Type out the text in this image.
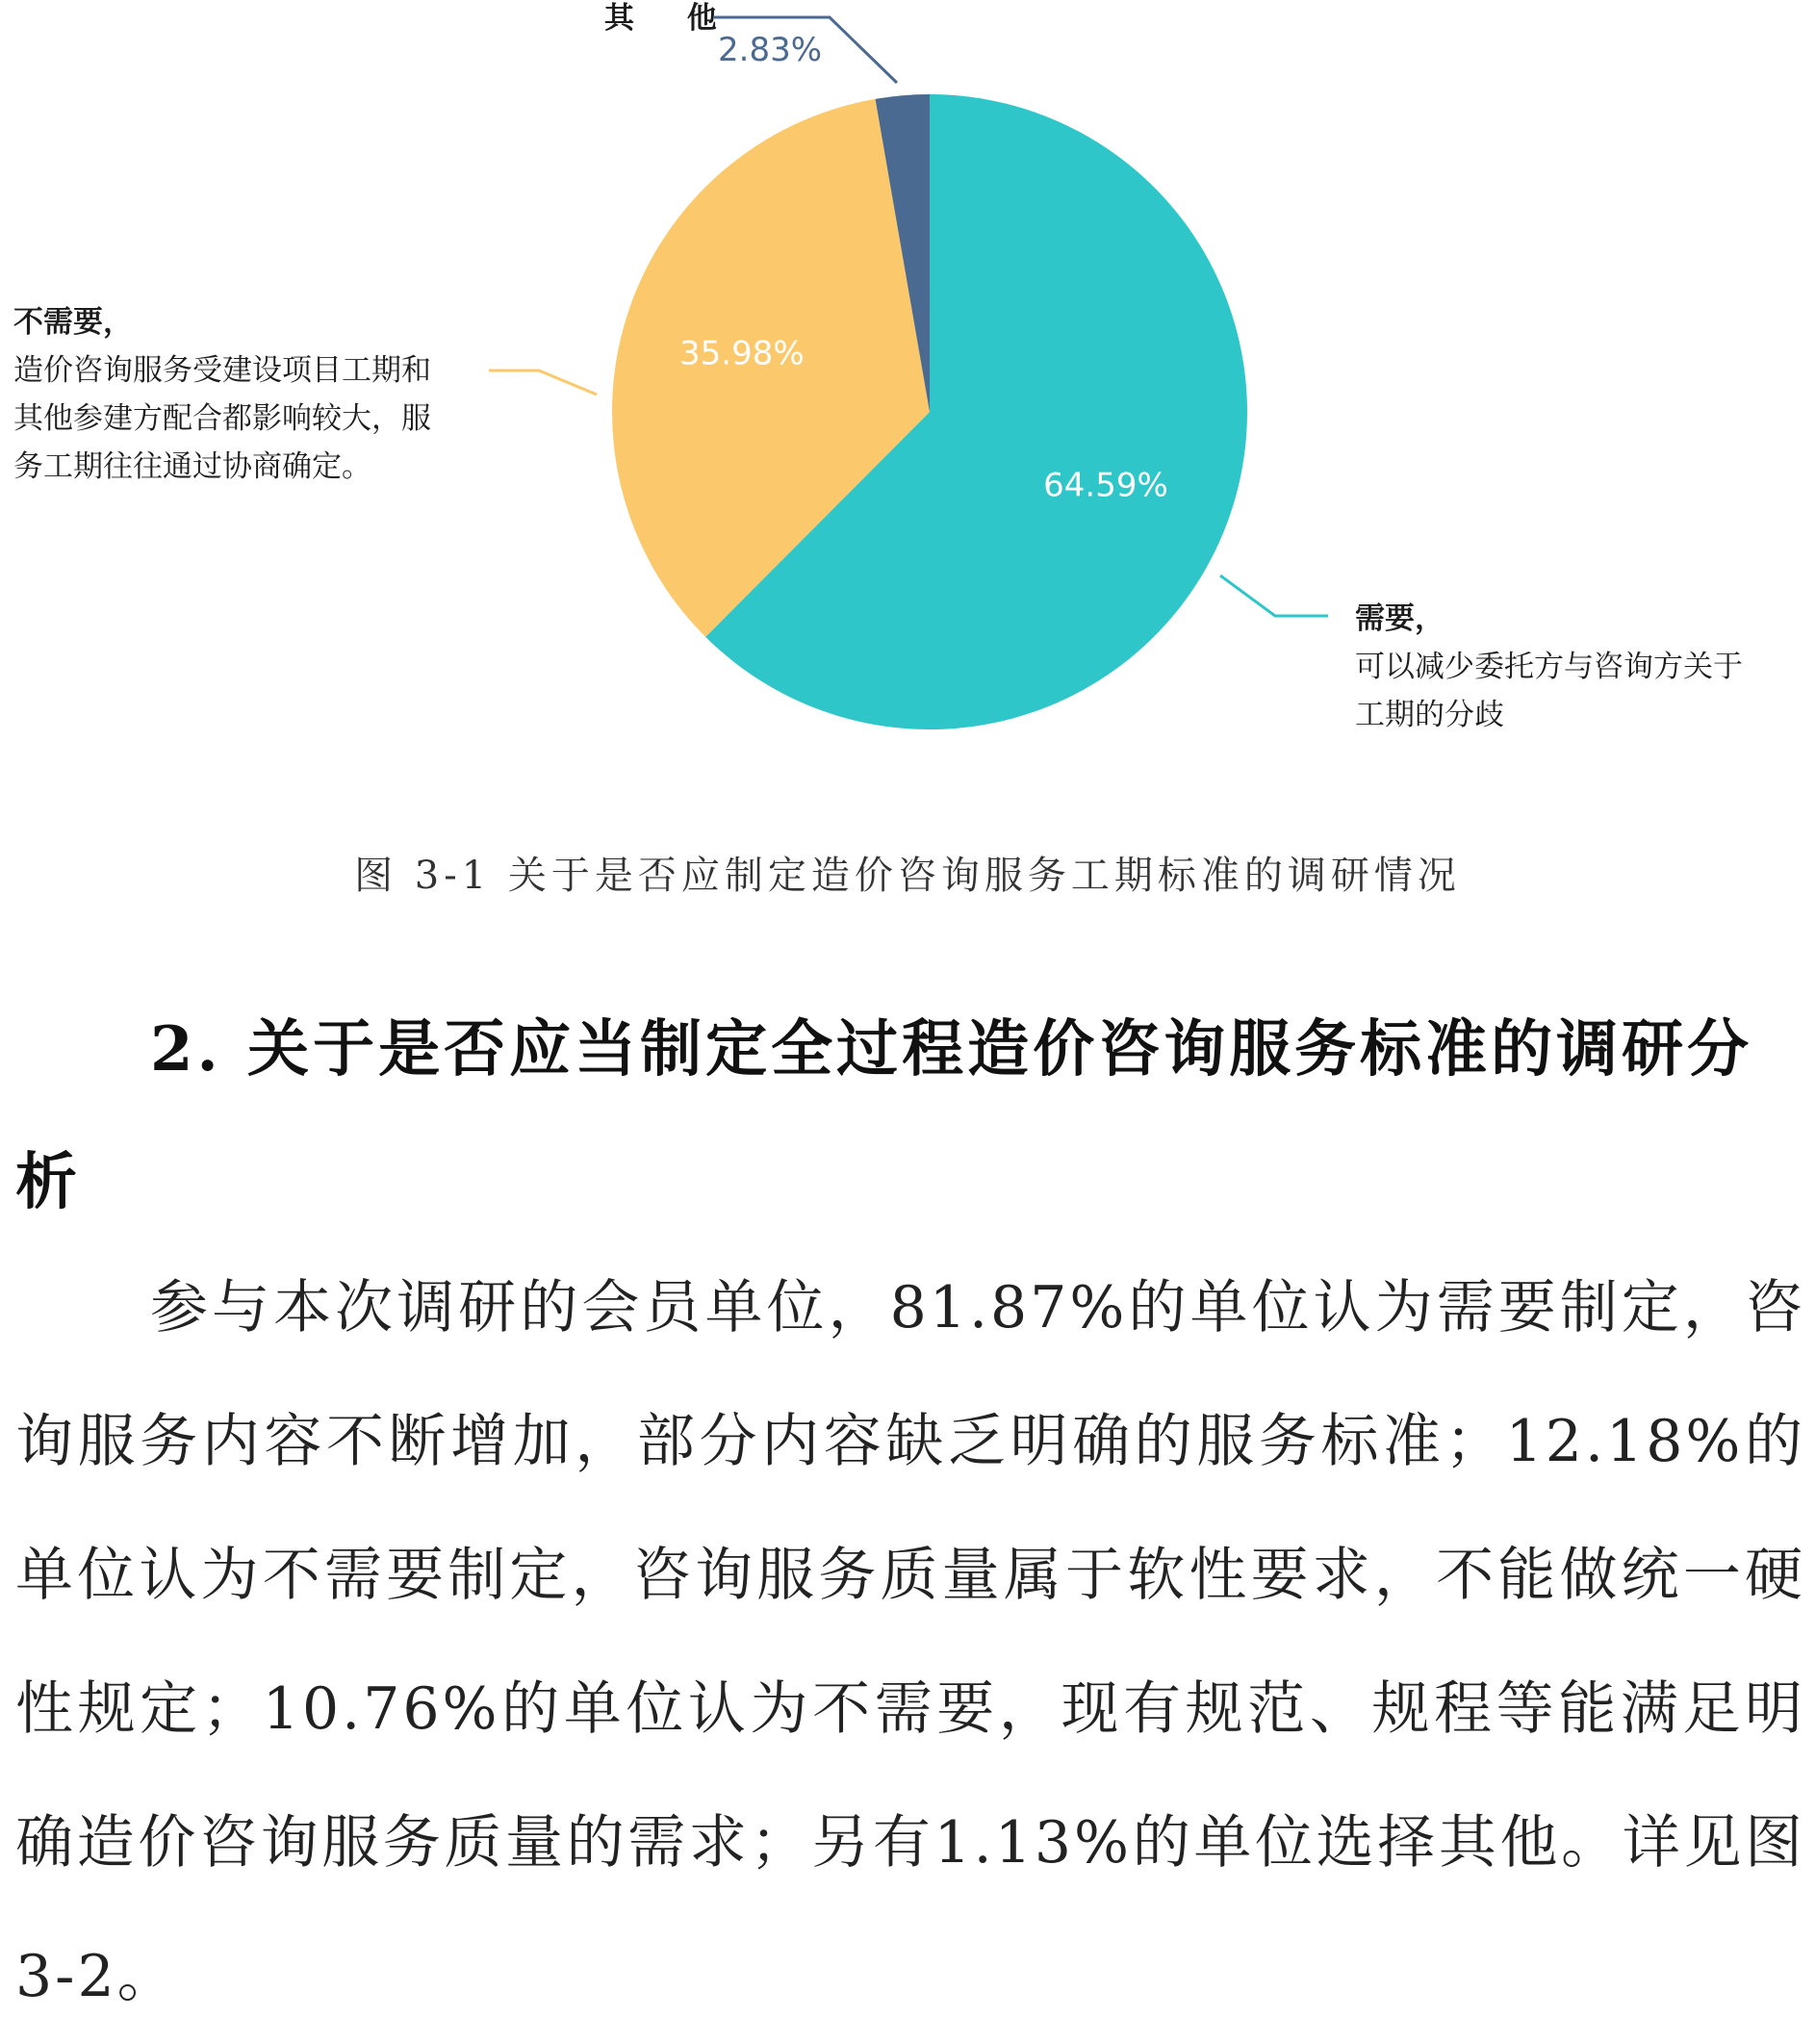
64.59%
35.98%
其 他
2.83%
不需要，
造价咨询服务受建设项目工期和
其他参建方配合都影响较大，服
务工期往往通过协商确定。
需要，
可以减少委托方与咨询方关于
工期的分歧
图 3-1 关于是否应制定造价咨询服务工期标准的调研情况
2. 关于是否应当制定全过程造价咨询服务标准的调研分析
参与本次调研的会员单位，81.87%的单位认为需要制定，咨询服务内容不断增加，部分内容缺乏明确的服务标准；12.18%的单位认为不需要制定，咨询服务质量属于软性要求，不能做统一硬性规定；10.76%的单位认为不需要，现有规范、规程等能满足明确造价咨询服务质量的需求；另有1.13%的单位选择其他。详见图 3-2。
